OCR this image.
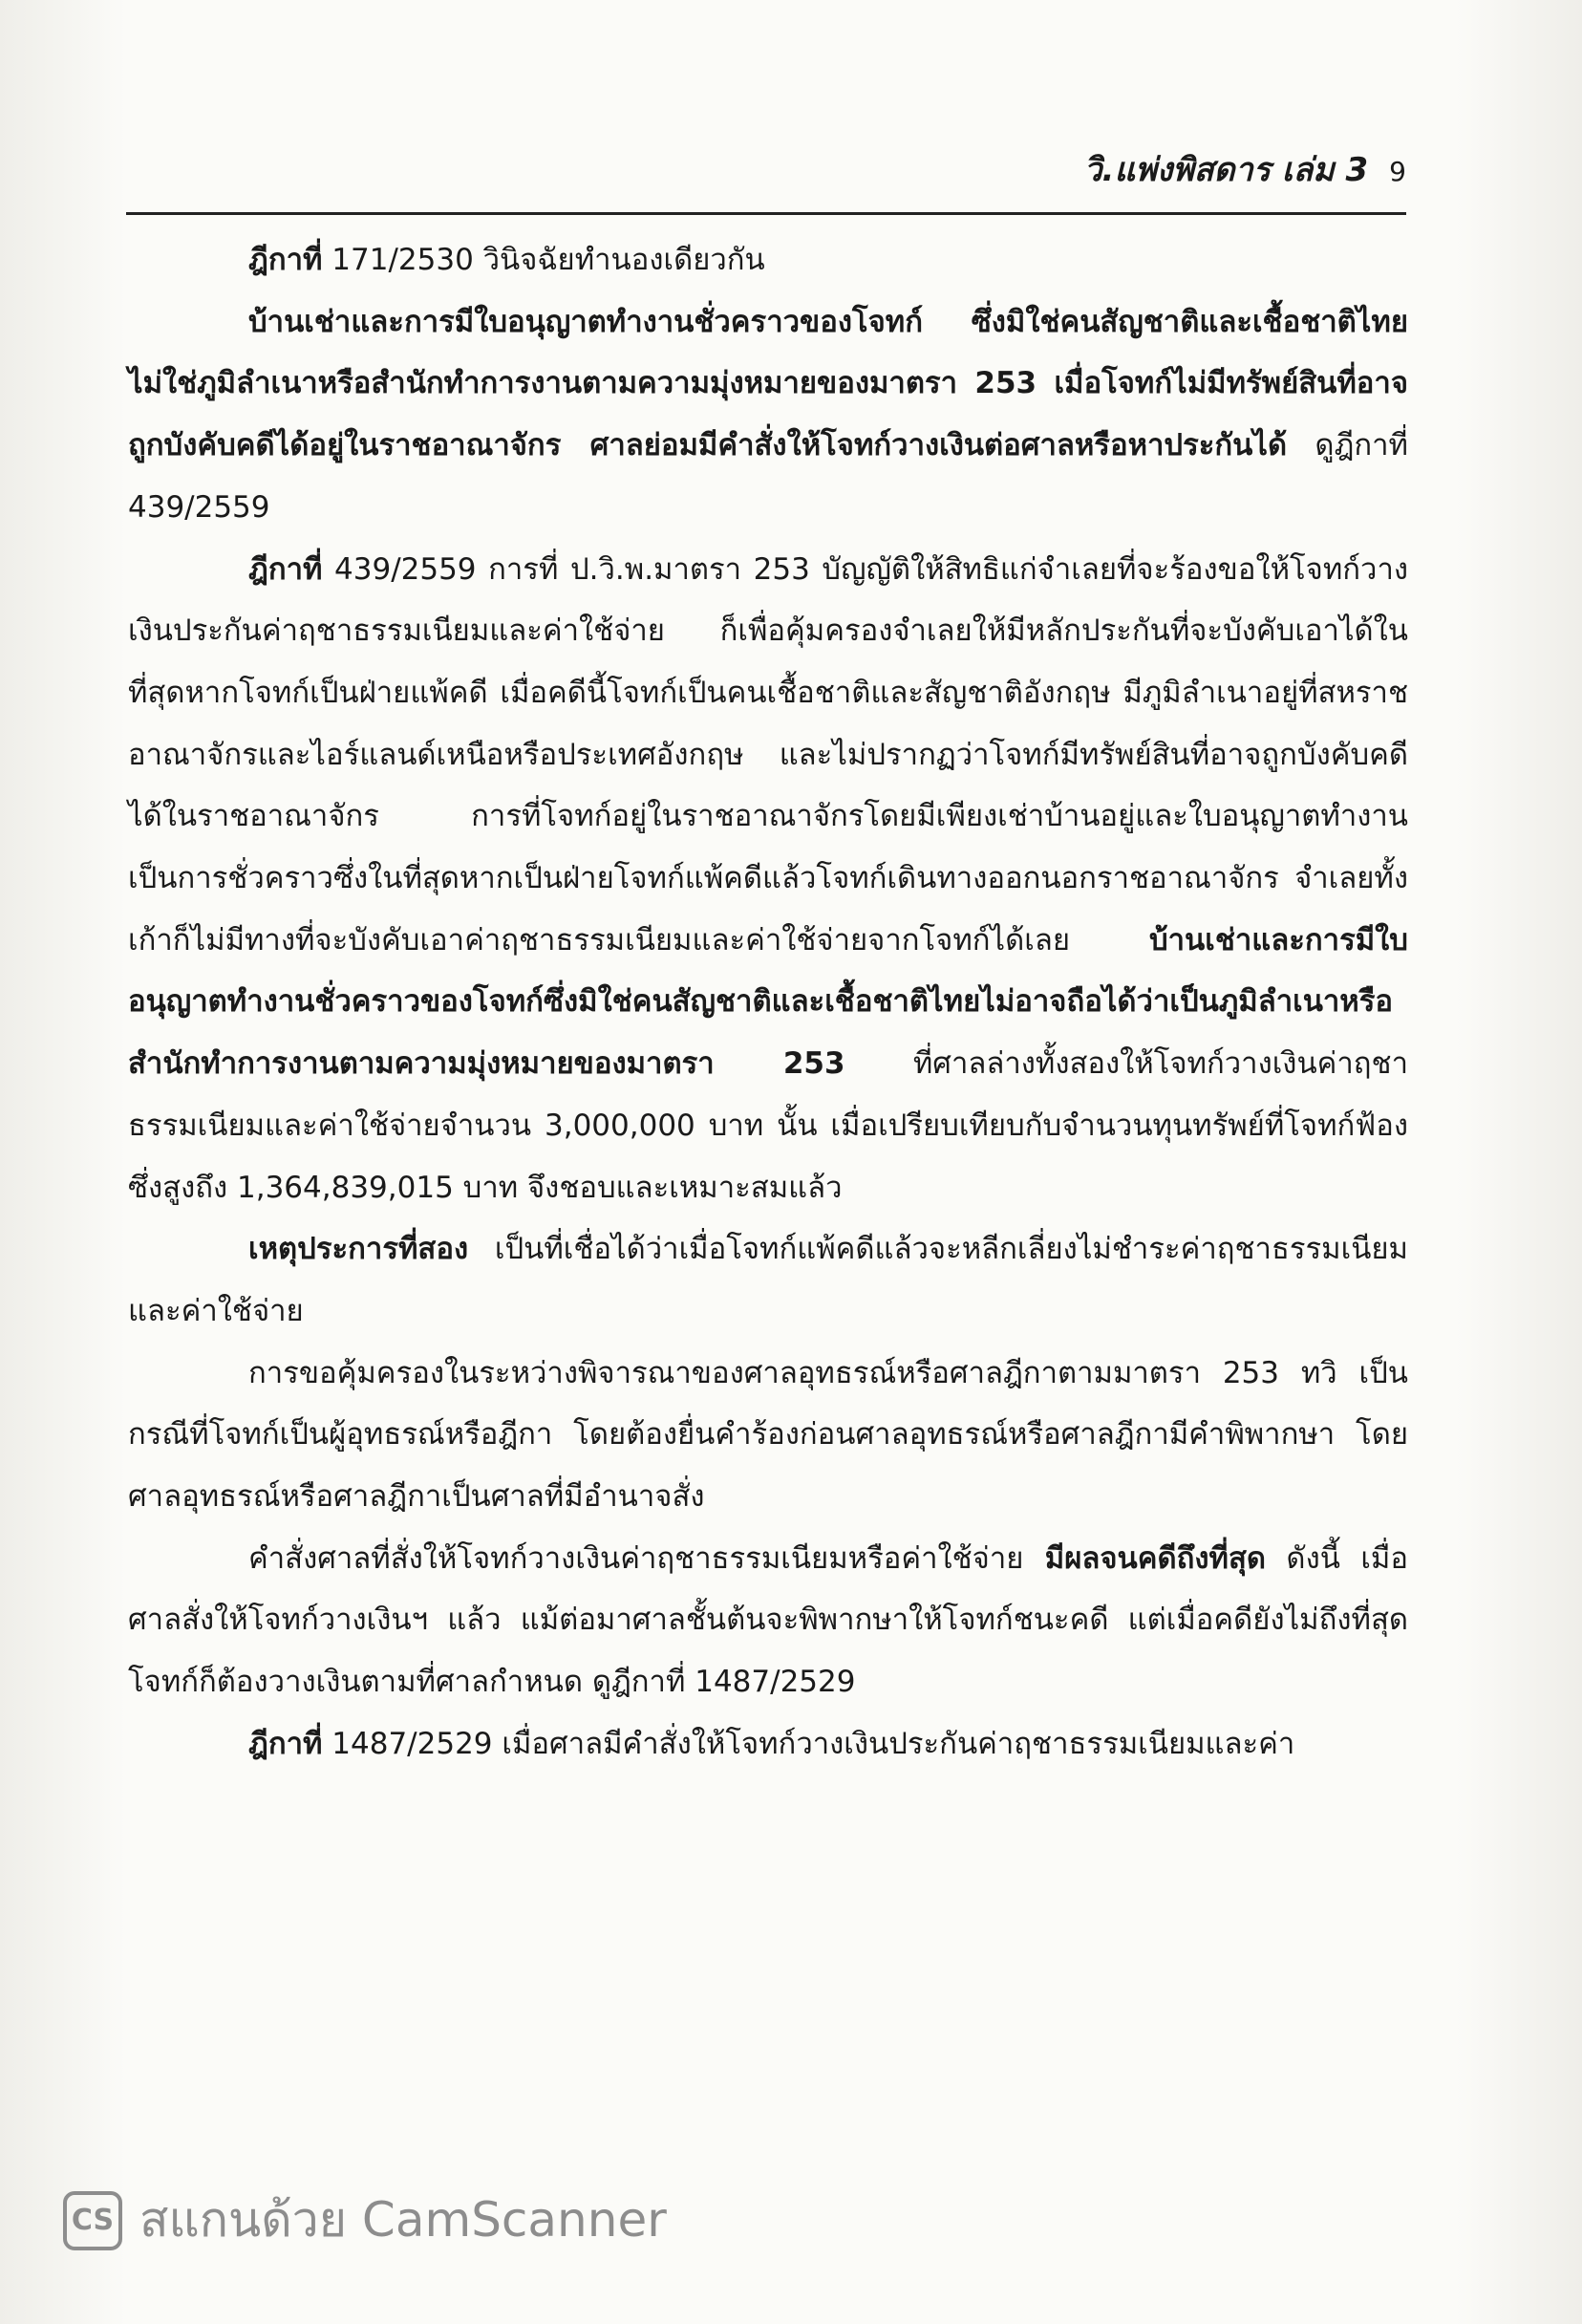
วิ.แพ่งพิสดาร เล่ม 3 9

ฎีกาที่ 171/2530 วินิจฉัยทำนองเดียวกัน

บ้านเช่าและการมีใบอนุญาตทำงานชั่วคราวของโจทก์ ซึ่งมิใช่คนสัญชาติและเชื้อชาติไทย ไม่ใช่ภูมิลำเนาหรือสำนักทำการงานตามความมุ่งหมายของมาตรา 253 เมื่อโจทก์ไม่มีทรัพย์สินที่อาจถูกบังคับคดีได้อยู่ในราชอาณาจักร ศาลย่อมมีคำสั่งให้โจทก์วางเงินต่อศาลหรือหาประกันได้ ดูฎีกาที่ 439/2559

ฎีกาที่ 439/2559 การที่ ป.วิ.พ.มาตรา 253 บัญญัติให้สิทธิแก่จำเลยที่จะร้องขอให้โจทก์วางเงินประกันค่าฤชาธรรมเนียมและค่าใช้จ่าย ก็เพื่อคุ้มครองจำเลยให้มีหลักประกันที่จะบังคับเอาได้ในที่สุดหากโจทก์เป็นฝ่ายแพ้คดี เมื่อคดีนี้โจทก์เป็นคนเชื้อชาติและสัญชาติอังกฤษ มีภูมิลำเนาอยู่ที่สหราชอาณาจักรและไอร์แลนด์เหนือหรือประเทศอังกฤษ และไม่ปรากฏว่าโจทก์มีทรัพย์สินที่อาจถูกบังคับคดีได้ในราชอาณาจักร การที่โจทก์อยู่ในราชอาณาจักรโดยมีเพียงเช่าบ้านอยู่และใบอนุญาตทำงานเป็นการชั่วคราวซึ่งในที่สุดหากเป็นฝ่ายโจทก์แพ้คดีแล้วโจทก์เดินทางออกนอกราชอาณาจักร จำเลยทั้งเก้าก็ไม่มีทางที่จะบังคับเอาค่าฤชาธรรมเนียมและค่าใช้จ่ายจากโจทก์ได้เลย บ้านเช่าและการมีใบอนุญาตทำงานชั่วคราวของโจทก์ซึ่งมิใช่คนสัญชาติและเชื้อชาติไทยไม่อาจถือได้ว่าเป็นภูมิลำเนาหรือสำนักทำการงานตามความมุ่งหมายของมาตรา 253 ที่ศาลล่างทั้งสองให้โจทก์วางเงินค่าฤชาธรรมเนียมและค่าใช้จ่ายจำนวน 3,000,000 บาท นั้น เมื่อเปรียบเทียบกับจำนวนทุนทรัพย์ที่โจทก์ฟ้องซึ่งสูงถึง 1,364,839,015 บาท จึงชอบและเหมาะสมแล้ว

เหตุประการที่สอง เป็นที่เชื่อได้ว่าเมื่อโจทก์แพ้คดีแล้วจะหลีกเลี่ยงไม่ชำระค่าฤชาธรรมเนียมและค่าใช้จ่าย

การขอคุ้มครองในระหว่างพิจารณาของศาลอุทธรณ์หรือศาลฎีกาตามมาตรา 253 ทวิ เป็นกรณีที่โจทก์เป็นผู้อุทธรณ์หรือฎีกา โดยต้องยื่นคำร้องก่อนศาลอุทธรณ์หรือศาลฎีกามีคำพิพากษา โดยศาลอุทธรณ์หรือศาลฎีกาเป็นศาลที่มีอำนาจสั่ง

คำสั่งศาลที่สั่งให้โจทก์วางเงินค่าฤชาธรรมเนียมหรือค่าใช้จ่าย มีผลจนคดีถึงที่สุด ดังนี้ เมื่อศาลสั่งให้โจทก์วางเงินฯ แล้ว แม้ต่อมาศาลชั้นต้นจะพิพากษาให้โจทก์ชนะคดี แต่เมื่อคดียังไม่ถึงที่สุด โจทก์ก็ต้องวางเงินตามที่ศาลกำหนด ดูฎีกาที่ 1487/2529

ฎีกาที่ 1487/2529 เมื่อศาลมีคำสั่งให้โจทก์วางเงินประกันค่าฤชาธรรมเนียมและค่า

CS สแกนด้วย CamScanner
